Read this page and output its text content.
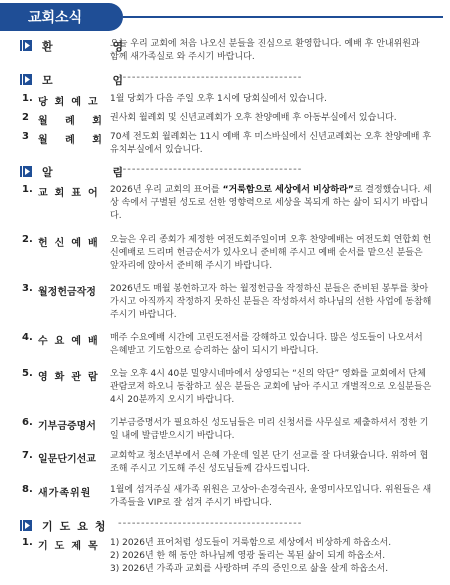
교회소식
환 영
오늘 우리 교회에 처음 나오신 분들을 진심으로 환영합니다. 예배 후 안내위원과 함께 새가족실로 와 주시기 바랍니다.
모 임
----------------------------------------
1. 당회예고 1월 당회가 다음 주일 오후 1시에 당회실에서 있습니다.
2 월 례 회 권사회 월례회 및 신년교례회가 오후 찬양예배 후 아동부실에서 있습니다.
3 월 례 회 70세 전도회 월례회는 11시 예배 후 미스바실에서 신년교례회는 오후 찬양예배 후 유치부실에서 있습니다.
알 림
----------------------------------------
1. 교회표어 2026년 우리 교회의 표어를 “거룩함으로 세상에서 비상하라”로 결정했습니다. 세상 속에서 구별된 성도로 선한 영향력으로 세상을 복되게 하는 삶이 되시기 바랍니다.
2. 헌신예배 오늘은 우리 종회가 제정한 여전도회주일이며 오후 찬양예배는 여전도회 연합회 헌신예배로 드리며 헌금순서가 있사오니 준비해 주시고 예배 순서를 맡으신 분들은 앞자리에 앉아서 준비해 주시기 바랍니다.
3. 월정헌금작정 2026년도 매월 봉헌하고자 하는 월정헌금을 작정하신 분들은 준비된 봉투를 찾아가시고 아직까지 작정하지 못하신 분들은 작성하셔서 하나님의 선한 사업에 동참해 주시기 바랍니다.
4. 수요예배 매주 수요예배 시간에 고린도전서를 강해하고 있습니다. 많은 성도들이 나오셔서 은혜받고 기도함으로 승리하는 삶이 되시기 바랍니다.
5. 영화관람 오늘 오후 4시 40분 밀양시네마에서 상영되는 “신의 악단” 영화를 교회에서 단체관람코져 하오니 동참하고 싶은 분들은 교회에 남아 주시고 개별적으로 오실분들은 4시 20분까지 오시기 바랍니다.
6. 기부금증명서 기부금증명서가 필요하신 성도님들은 미리 신청서를 사무실로 제출하셔서 정한 기일 내에 발급받으시기 바랍니다.
7. 일문단기선교 교회학교 청소년부에서 은혜 가운데 일본 단기 선교를 잘 다녀왔습니다. 위하여 협조해 주시고 기도해 주신 성도님들께 감사드립니다.
8. 새가족위원 1월에 섬겨주실 새가족 위원은 고상아·손경숙권사, 윤영미사모입니다. 위원들은 새 가족들을 VIP로 잘 섬겨 주시기 바랍니다.
기도요청 ----------------------------------------
1. 기도제목 1) 2026년 표어처럼 성도들이 거룩함으로 세상에서 비상하게 하옵소서.
2) 2026년 한 해 동안 하나님께 영광 돌리는 복된 삶이 되게 하옵소서.
3) 2026년 가족과 교회를 사랑하며 주의 증인으로 삶을 살게 하옵소서.
